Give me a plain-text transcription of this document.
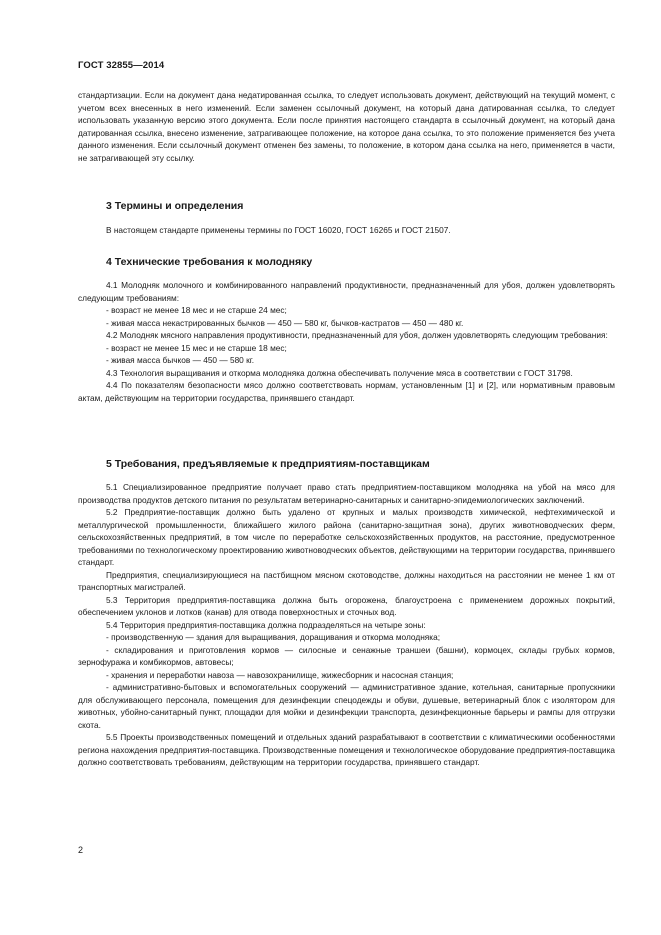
ГОСТ 32855—2014

стандартизации. Если на документ дана недатированная ссылка, то следует использовать документ, действующий на текущий момент, с учетом всех внесенных в него изменений. Если заменен ссылочный документ, на который дана датированная ссылка, то следует использовать указанную версию этого документа. Если после принятия настоящего стандарта в ссылочный документ, на который дана датированная ссылка, внесено изменение, затрагивающее положение, на которое дана ссылка, то это положение применяется без учета данного изменения. Если ссылочный документ отменен без замены, то положение, в котором дана ссылка на него, применяется в части, не затрагивающей эту ссылку.

3 Термины и определения

В настоящем стандарте применены термины по ГОСТ 16020, ГОСТ 16265 и ГОСТ 21507.

4 Технические требования к молодняку

4.1 Молодняк молочного и комбинированного направлений продуктивности, предназначенный для убоя, должен удовлетворять следующим требованиям:

- возраст не менее 18 мес и не старше 24 мес;

- живая масса некастрированных бычков — 450 — 580 кг, бычков-кастратов — 450 — 480 кг.

4.2 Молодняк мясного направления продуктивности, предназначенный для убоя, должен удовлетворять следующим требования:

- возраст не менее 15 мес и не старше 18 мес;

- живая масса бычков — 450 — 580 кг.

4.3 Технология выращивания и откорма молодняка должна обеспечивать получение мяса в соответствии с ГОСТ 31798.

4.4 По показателям безопасности мясо должно соответствовать нормам, установленным [1] и [2], или нормативным правовым актам, действующим на территории государства, принявшего стандарт.

5 Требования, предъявляемые к предприятиям-поставщикам

5.1 Специализированное предприятие получает право стать предприятием-поставщиком молодняка на убой на мясо для производства продуктов детского питания по результатам ветеринарно-санитарных и санитарно-эпидемиологических заключений.

5.2 Предприятие-поставщик должно быть удалено от крупных и малых производств химической, нефтехимической и металлургической промышленности, ближайшего жилого района (санитарно-защитная зона), других животноводческих ферм, сельскохозяйственных предприятий, в том числе по переработке сельскохозяйственных продуктов, на расстояние, предусмотренное требованиями по технологическому проектированию животноводческих объектов, действующими на территории государства, принявшего стандарт.

Предприятия, специализирующиеся на пастбищном мясном скотоводстве, должны находиться на расстоянии не менее 1 км от транспортных магистралей.

5.3 Территория предприятия-поставщика должна быть огорожена, благоустроена с применением дорожных покрытий, обеспечением уклонов и лотков (канав) для отвода поверхностных и сточных вод.

5.4 Территория предприятия-поставщика должна подразделяться на четыре зоны:

- производственную — здания для выращивания, доращивания и откорма молодняка;

- складирования и приготовления кормов — силосные и сенажные траншеи (башни), кормоцех, склады грубых кормов, зернофуража и комбикормов, автовесы;

- хранения и переработки навоза — навозохранилище, жижесборник и насосная станция;

- административно-бытовых и вспомогательных сооружений — административное здание, котельная, санитарные пропускники для обслуживающего персонала, помещения для дезинфекции спецодежды и обуви, душевые, ветеринарный блок с изолятором для животных, убойно-санитарный пункт, площадки для мойки и дезинфекции транспорта, дезинфекционные барьеры и рампы для отгрузки скота.

5.5 Проекты производственных помещений и отдельных зданий разрабатывают в соответствии с климатическими особенностями региона нахождения предприятия-поставщика. Производственные помещения и технологическое оборудование предприятия-поставщика должно соответствовать требованиям, действующим на территории государства, принявшего стандарт.

2
